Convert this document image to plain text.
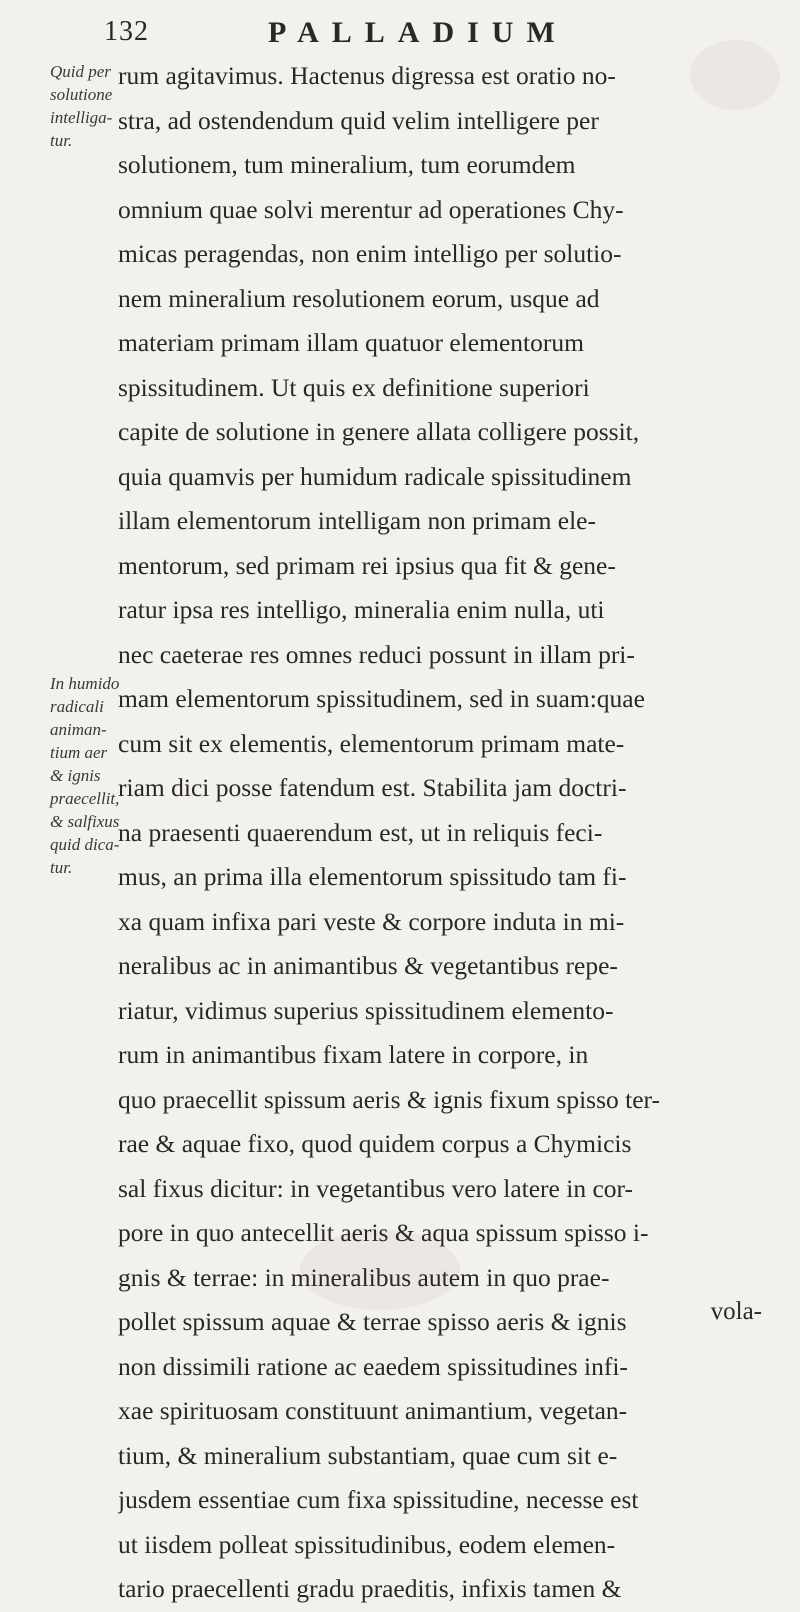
132	PALLADIUM
Quid per
solutione
intelliga-
tur.
In humido
radicali
animan-
tium aer
& ignis
praecellit,
& salfixus
quid dica-
tur.
rum agitavimus. Hactenus digressa est oratio no-
stra, ad ostendendum quid velim intelligere per
solutionem, tum mineralium, tum eorumdem
omnium quae solvi merentur ad operationes Chy-
micas peragendas, non enim intelligo per solutio-
nem mineralium resolutionem eorum, usque ad
materiam primam illam quatuor elementorum
spissitudinem. Ut quis ex definitione superiori
capite de solutione in genere allata colligere possit,
quia quamvis per humidum radicale spissitudinem
illam elementorum intelligam non primam ele-
mentorum, sed primam rei ipsius qua fit & gene-
ratur ipsa res intelligo, mineralia enim nulla, uti
nec caeterae res omnes reduci possunt in illam pri-
mam elementorum spissitudinem, sed in suam:quae
cum sit ex elementis, elementorum primam mate-
riam dici posse fatendum est. Stabilita jam doctri-
na praesenti quaerendum est, ut in reliquis feci-
mus, an prima illa elementorum spissitudo tam fi-
xa quam infixa pari veste & corpore induta in mi-
neralibus ac in animantibus & vegetantibus repe-
riatur, vidimus superius spissitudinem elemento-
rum in animantibus fixam latere in corpore, in
quo praecellit spissum aeris & ignis fixum spisso ter-
rae & aquae fixo, quod quidem corpus a Chymicis
sal fixus dicitur: in vegetantibus vero latere in cor-
pore in quo antecellit aeris & aqua spissum spisso i-
gnis & terrae: in mineralibus autem in quo prae-
pollet spissum aquae & terrae spisso aeris & ignis
non dissimili ratione ac eaedem spissitudines infi-
xae spirituosam constituunt animantium, vegetan-
tium, & mineralium substantiam, quae cum sit e-
jusdem essentiae cum fixa spissitudine, necesse est
ut iisdem polleat spissitudinibus, eodem elemen-
tario praecellenti gradu praeditis, infixis tamen &
vola-
